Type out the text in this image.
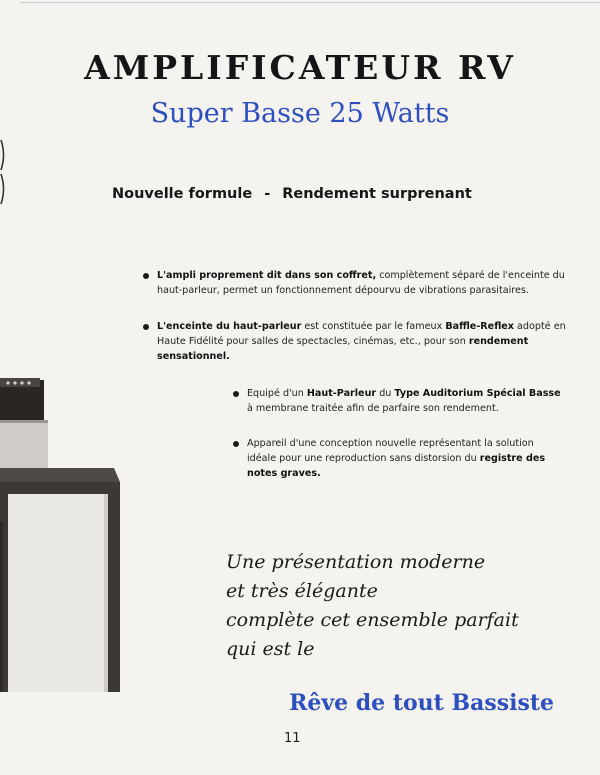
AMPLIFICATEUR RV
Super Basse 25 Watts
Nouvelle formule - Rendement surprenant
L'ampli proprement dit dans son coffret, complètement séparé de l'enceinte du haut-parleur, permet un fonctionnement dépourvu de vibrations parasitaires.
L'enceinte du haut-parleur est constituée par le fameux Baffle-Reflex adopté en Haute Fidélité pour salles de spectacles, cinémas, etc., pour son rendement sensationnel.
Equipé d'un Haut-Parleur du Type Auditorium Spécial Basse à membrane traitée afin de parfaire son rendement.
Appareil d'une conception nouvelle représentant la solution idéale pour une reproduction sans distorsion du registre des notes graves.
Une présentation moderne
et très élégante
complète cet ensemble parfait
qui est le
Rêve de tout Bassiste
11
